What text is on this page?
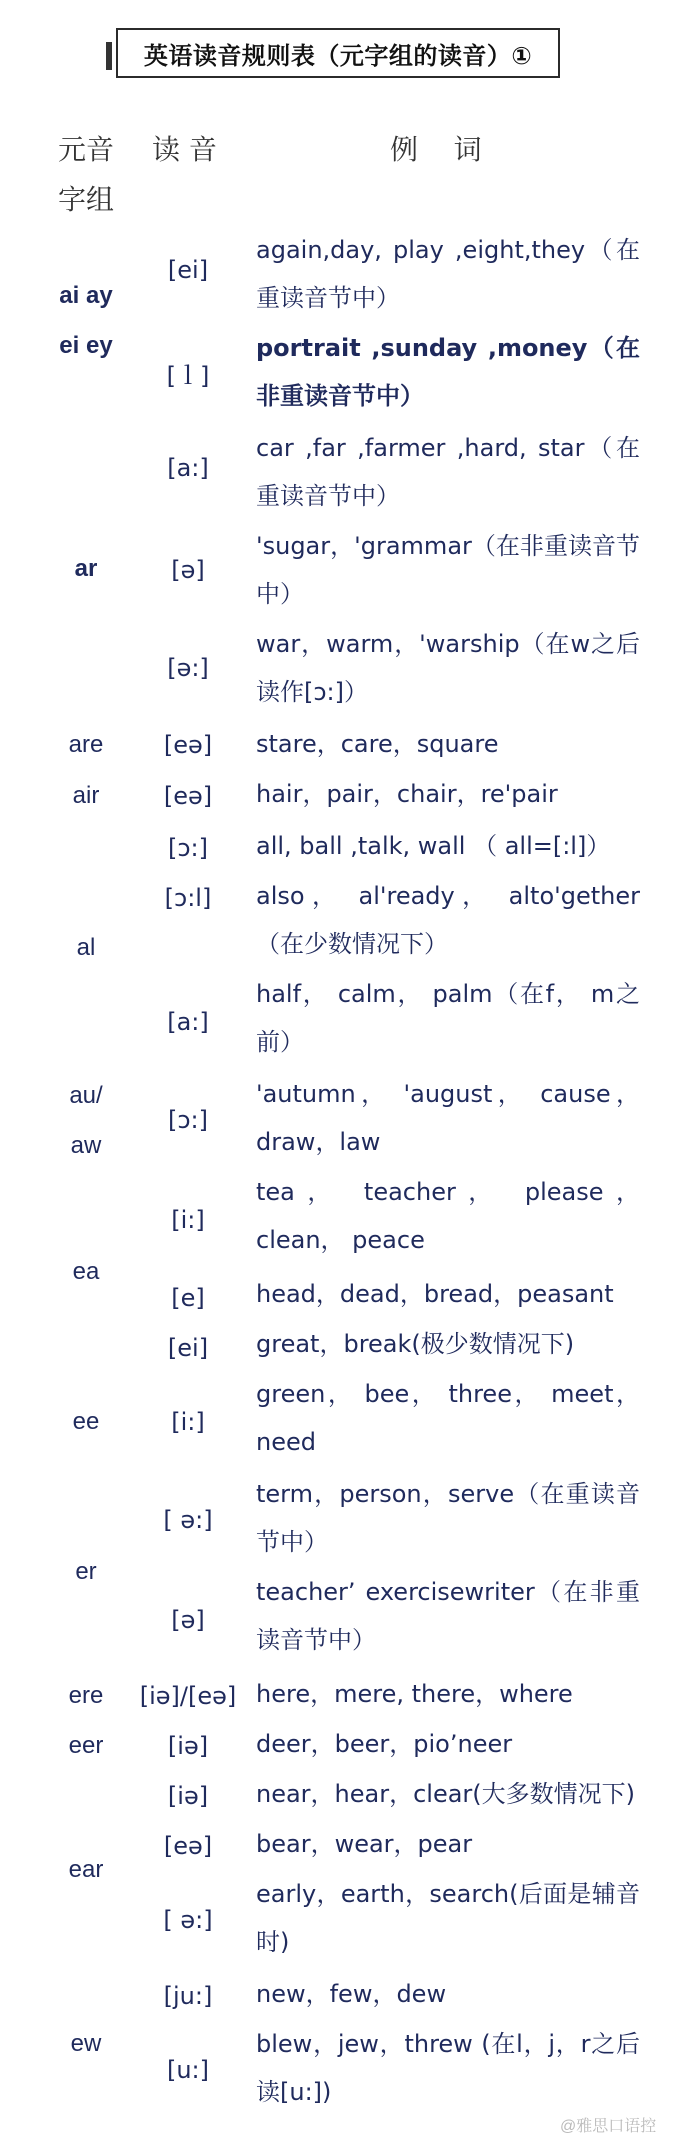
英语读音规则表（元字组的读音）①
元音
字组
读 音	例    词
ai ay
ei ey
ar
are
air
al
au/
aw
ea
ee
er
ere
eer
ear
ew
[ei]
[ｌ]
[a:]
[ə]
[ə:]
[eə]
[eə]
[ɔ:]
[ɔ:l]
[a:]
[ɔ:]
[i:]
[e]
[ei]
[i:]
[ ə:]
[ə]
[iə]/[eə]
[iə]
[iə]
[eə]
[ ə:]
[ju:]
[u:]
again,day, play ,eight,they（在重读音节中）
portrait ,sunday ,money（在非重读音节中）
car ,far ,farmer ,hard, star（在重读音节中）
'sugar，'grammar（在非重读音节中）
war，warm，'warship（在w之后读作[ɔ:]）
stare，care，square
hair，pair，chair，re'pair
all, ball ,talk, wall （ all=[:l]）
also， al'ready， alto'gether（在少数情况下）
half， calm， palm（在f， m之前）
'autumn， 'august， cause， draw，law
tea， teacher， please， clean， peace
head，dead，bread，peasant
great，break(极少数情况下)
green， bee， three， meet， need
term，person，serve（在重读音节中）
teacher’ exercisewriter（在非重读音节中）
here，mere, there，where
deer，beer，pio’neer
near，hear，clear(大多数情况下)
bear，wear，pear
early，earth，search(后面是辅音时)
new，few，dew
blew，jew，threw (在l，j，r之后读[u:])
@雅思口语控
